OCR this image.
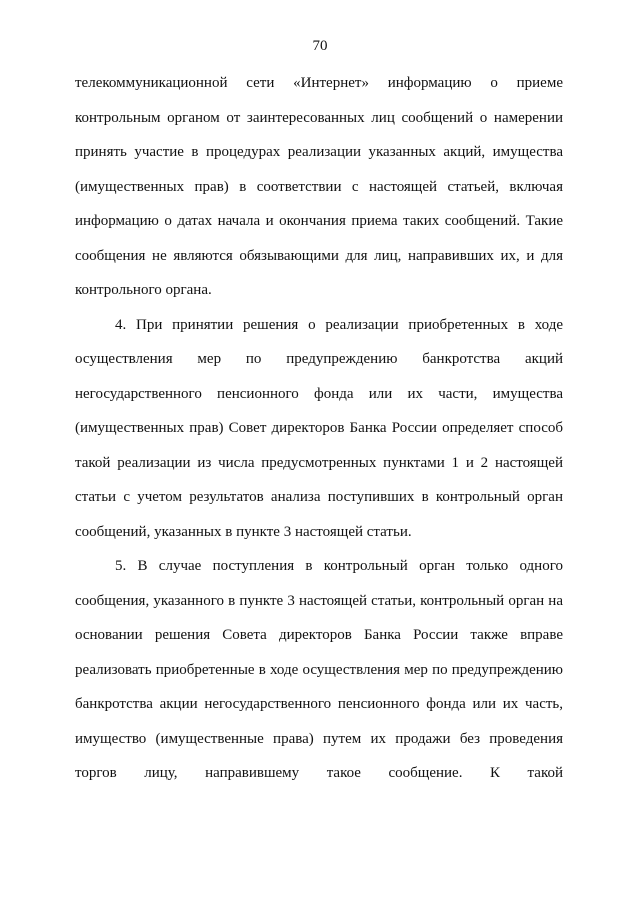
70

телекоммуникационной сети «Интернет» информацию о приеме контрольным органом от заинтересованных лиц сообщений о намерении принять участие в процедурах реализации указанных акций, имущества (имущественных прав) в соответствии с настоящей статьей, включая информацию о датах начала и окончания приема таких сообщений. Такие сообщения не являются обязывающими для лиц, направивших их, и для контрольного органа.

4. При принятии решения о реализации приобретенных в ходе осуществления мер по предупреждению банкротства акций негосударственного пенсионного фонда или их части, имущества (имущественных прав) Совет директоров Банка России определяет способ такой реализации из числа предусмотренных пунктами 1 и 2 настоящей статьи с учетом результатов анализа поступивших в контрольный орган сообщений, указанных в пункте 3 настоящей статьи.

5. В случае поступления в контрольный орган только одного сообщения, указанного в пункте 3 настоящей статьи, контрольный орган на основании решения Совета директоров Банка России также вправе реализовать приобретенные в ходе осуществления мер по предупреждению банкротства акции негосударственного пенсионного фонда или их часть, имущество (имущественные права) путем их продажи без проведения торгов лицу, направившему такое сообщение. К такой
